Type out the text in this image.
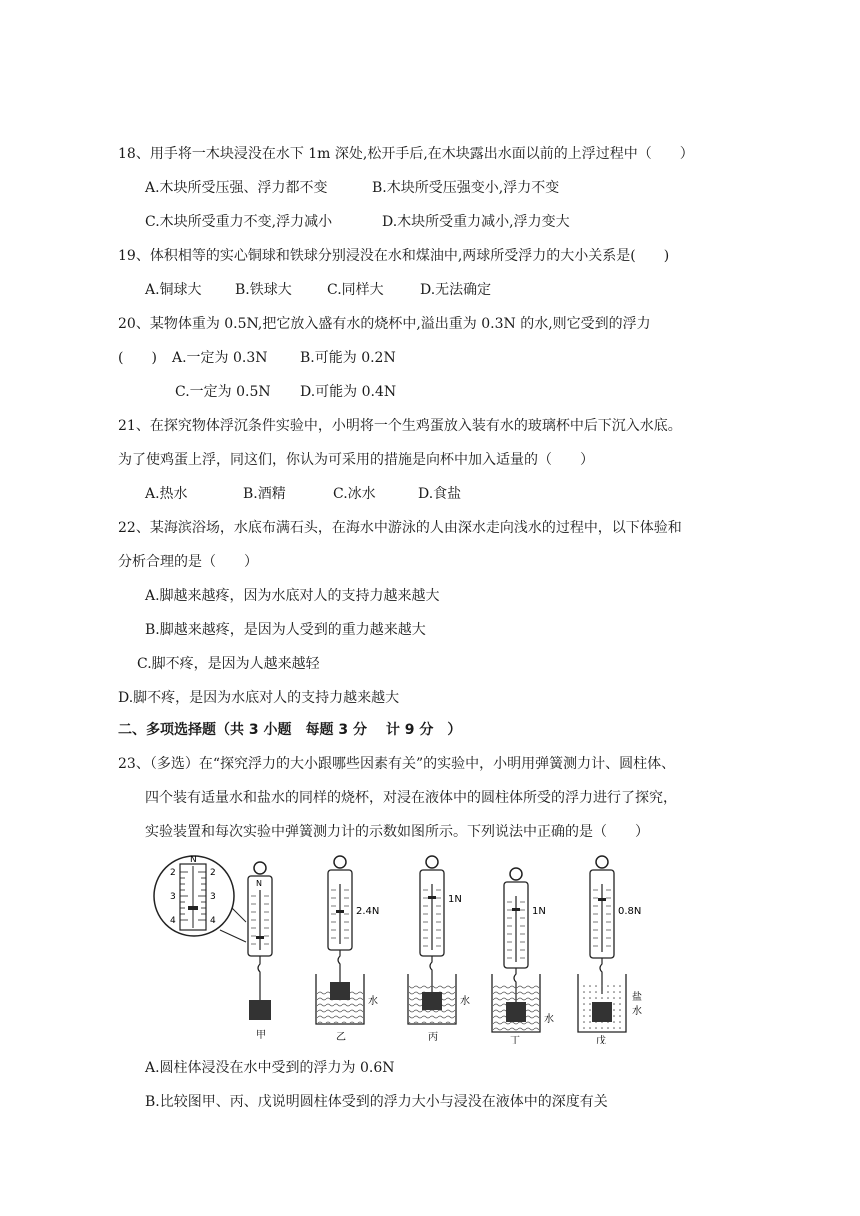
18、用手将一木块浸没在水下 1m 深处,松开手后,在木块露出水面以前的上浮过程中（　　）
A.木块所受压强、浮力都不变	B.木块所受压强变小,浮力不变
C.木块所受重力不变,浮力减小	D.木块所受重力减小,浮力变大
19、体积相等的实心铜球和铁球分别浸没在水和煤油中,两球所受浮力的大小关系是(　　)
A.铜球大 B.铁球大	C.同样大	D.无法确定
20、某物体重为 0.5N,把它放入盛有水的烧杯中,溢出重为 0.3N 的水,则它受到的浮力
(　　) A.一定为 0.3N B.可能为 0.2N
C.一定为 0.5N D.可能为 0.4N
21、在探究物体浮沉条件实验中，小明将一个生鸡蛋放入装有水的玻璃杯中后下沉入水底。
为了使鸡蛋上浮，同这们，你认为可采用的措施是向杯中加入适量的（　　）
A.热水	B.酒精	C.冰水	D.食盐
22、某海滨浴场，水底布满石头，在海水中游泳的人由深水走向浅水的过程中，以下体验和
分析合理的是（　　）
A.脚越来越疼，因为水底对人的支持力越来越大
B.脚越来越疼，是因为人受到的重力越来越大
C.脚不疼，是因为人越来越轻
D.脚不疼，是因为水底对人的支持力越来越大
二、多项选择题（共 3 小题　每题 3 分　 计 9 分　）
23、（多选）在“探究浮力的大小跟哪些因素有关”的实验中，小明用弹簧测力计、圆柱体、
四个装有适量水和盐水的同样的烧杯，对浸在液体中的圆柱体所受的浮力进行了探究，
实验装置和每次实验中弹簧测力计的示数如图所示。下列说法中正确的是（　　）
N
2	2
3	3
4	4
N
甲
2.4N
水
乙
1N
水
丙
1N
水
丁
0.8N
盐
水
戊
A.圆柱体浸没在水中受到的浮力为 0.6N
B.比较图甲、丙、戊说明圆柱体受到的浮力大小与浸没在液体中的深度有关
